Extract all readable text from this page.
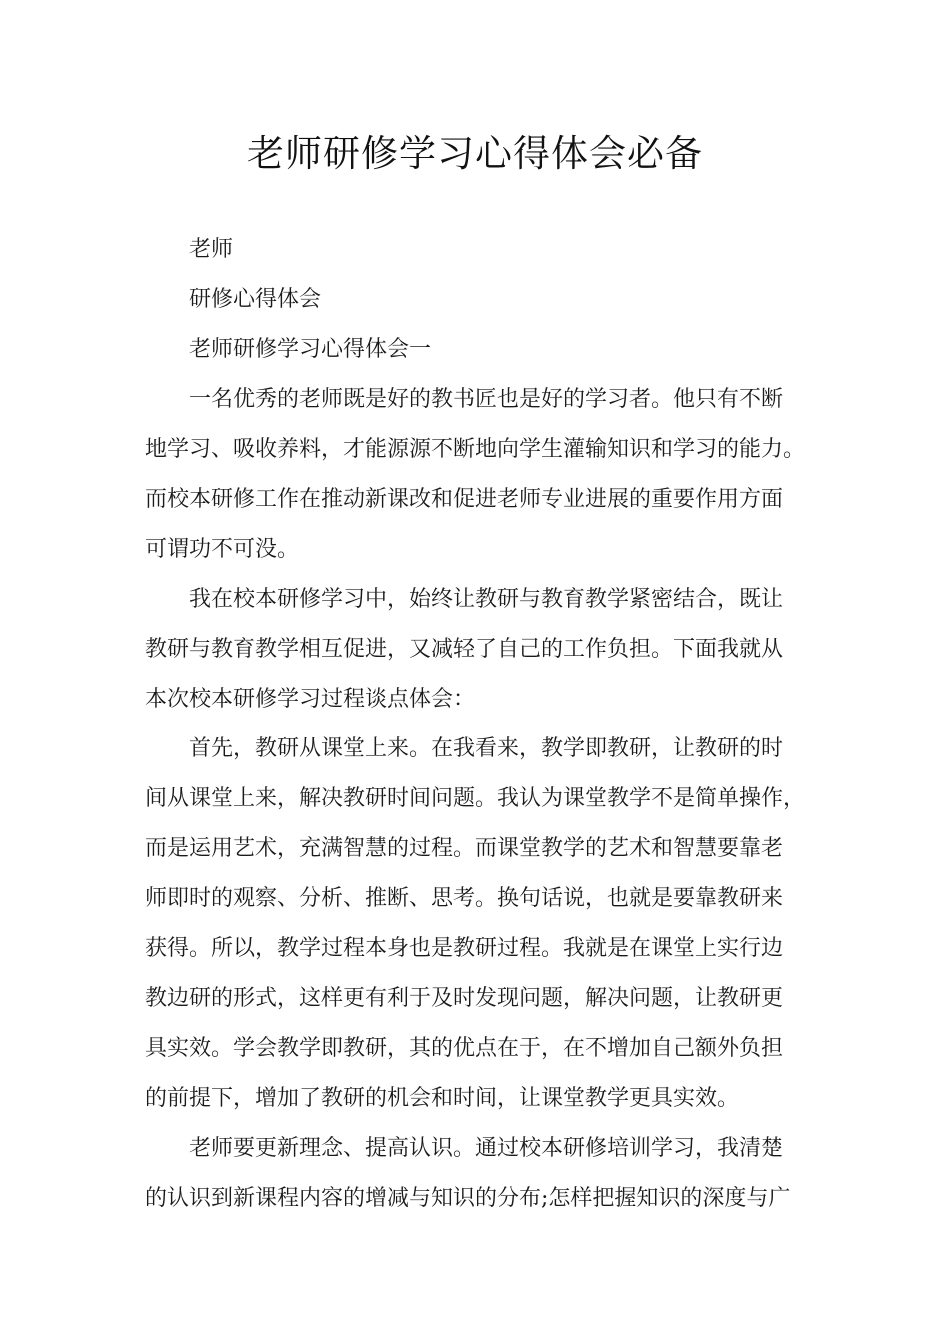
老师研修学习心得体会必备
老师
研修心得体会
老师研修学习心得体会一
一名优秀的老师既是好的教书匠也是好的学习者。他只有不断
地学习、吸收养料，才能源源不断地向学生灌输知识和学习的能力。
而校本研修工作在推动新课改和促进老师专业进展的重要作用方面
可谓功不可没。
我在校本研修学习中，始终让教研与教育教学紧密结合，既让
教研与教育教学相互促进，又减轻了自己的工作负担。下面我就从
本次校本研修学习过程谈点体会：
首先，教研从课堂上来。在我看来，教学即教研，让教研的时
间从课堂上来，解决教研时间问题。我认为课堂教学不是简单操作，
而是运用艺术，充满智慧的过程。而课堂教学的艺术和智慧要靠老
师即时的观察、分析、推断、思考。换句话说，也就是要靠教研来
获得。所以，教学过程本身也是教研过程。我就是在课堂上实行边
教边研的形式，这样更有利于及时发现问题，解决问题，让教研更
具实效。学会教学即教研，其的优点在于，在不增加自己额外负担
的前提下，增加了教研的机会和时间，让课堂教学更具实效。
老师要更新理念、提高认识。通过校本研修培训学习，我清楚
的认识到新课程内容的增减与知识的分布;怎样把握知识的深度与广
